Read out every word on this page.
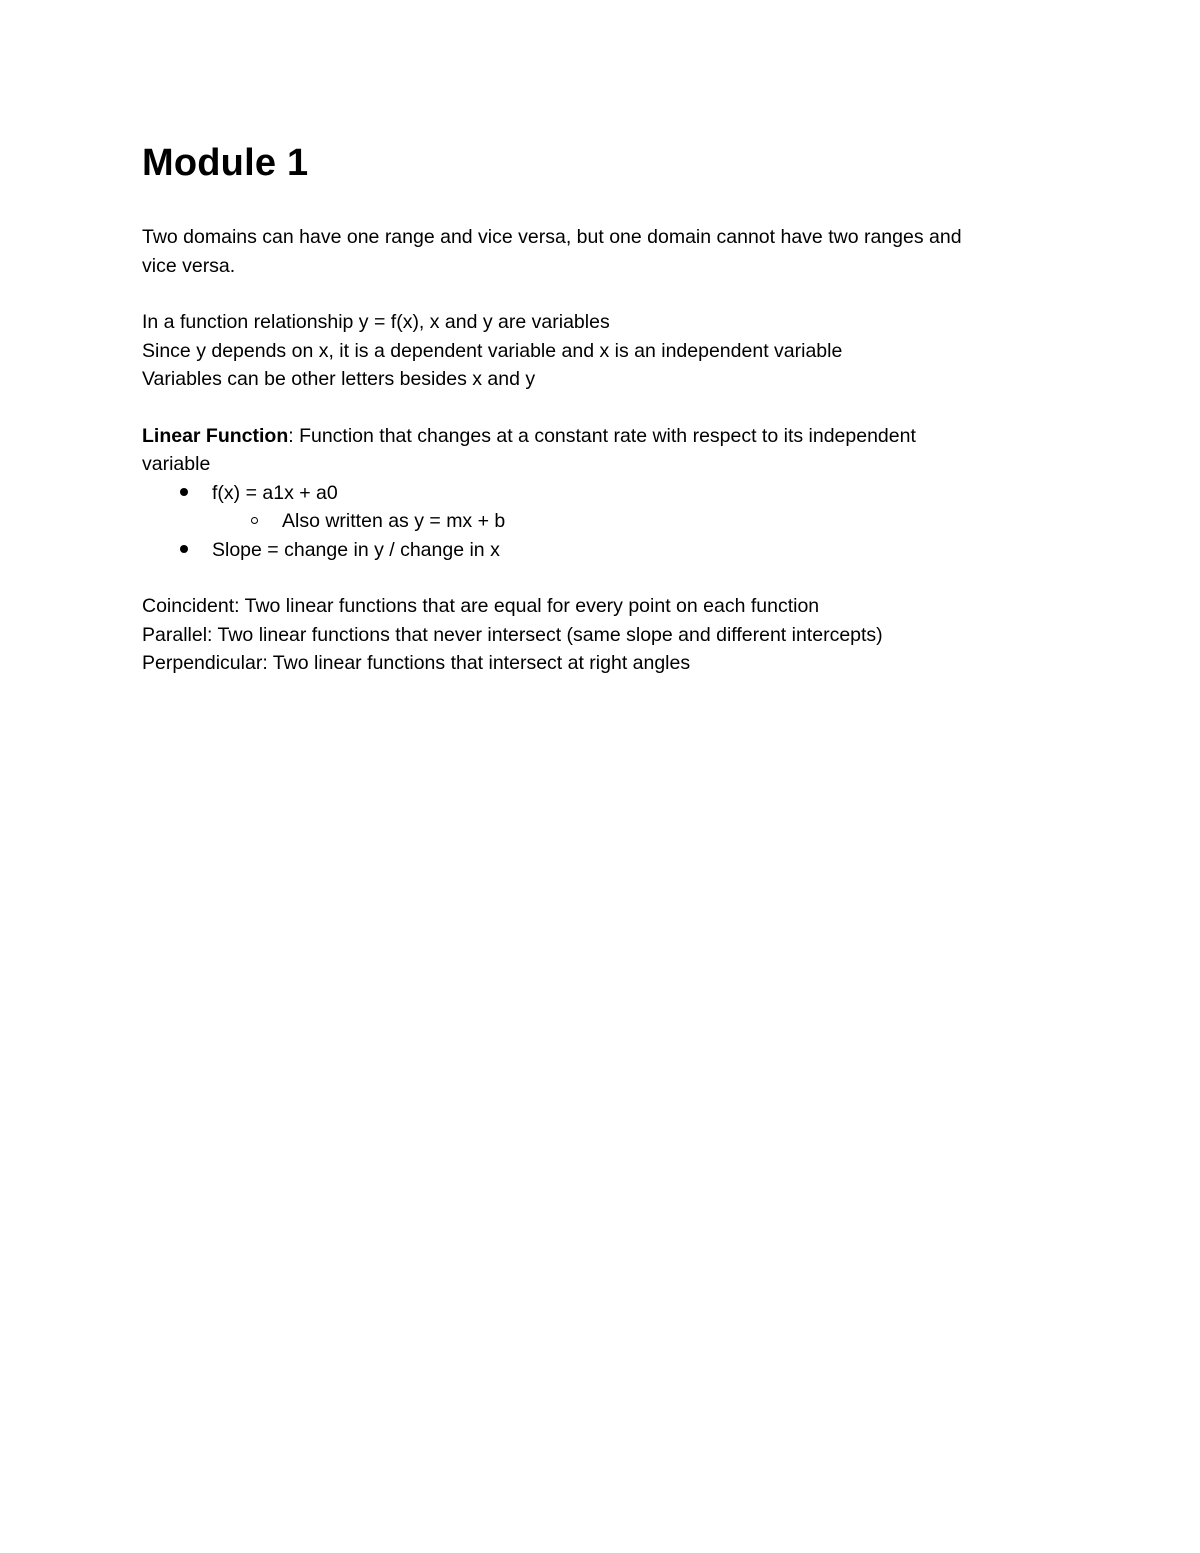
Module 1

Two domains can have one range and vice versa, but one domain cannot have two ranges and
vice versa.

In a function relationship y = f(x), x and y are variables
Since y depends on x, it is a dependent variable and x is an independent variable
Variables can be other letters besides x and y

Linear Function: Function that changes at a constant rate with respect to its independent
variable

f(x) = a1x + a0
Also written as y = mx + b
Slope = change in y / change in x

Coincident: Two linear functions that are equal for every point on each function
Parallel: Two linear functions that never intersect (same slope and different intercepts)
Perpendicular: Two linear functions that intersect at right angles
